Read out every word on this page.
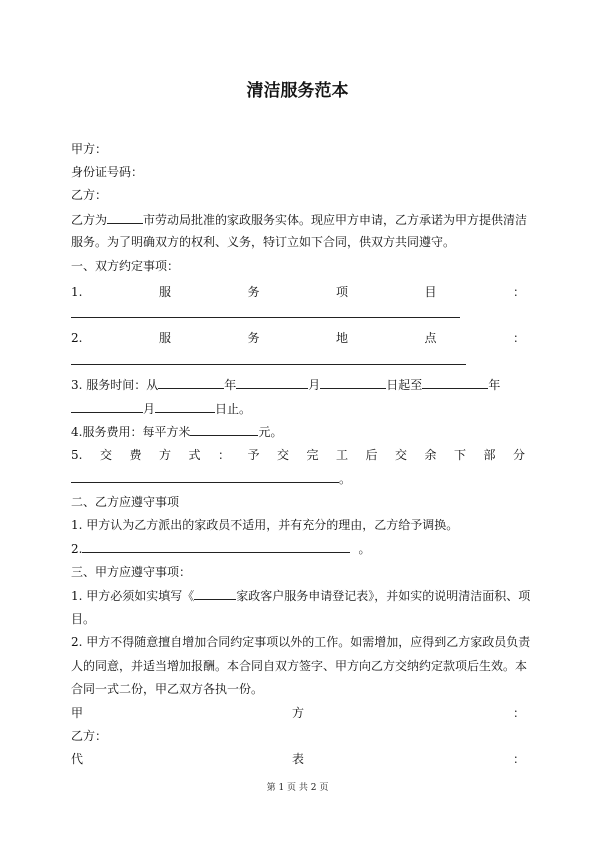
清洁服务范本
甲方：
身份证号码：
乙方：
乙方为	市劳动局批准的家政服务实体。现应甲方申请，乙方承诺为甲方提供清洁
服务。为了明确双方的权利、义务，特订立如下合同，供双方共同遵守。
一、双方约定事项：
1.	服	务	项	目	：
2.	服	务	地	点	：
3. 服务时间：从	年	月	日起至	年
月	日止。
4.服务费用：每平方米	元。
5. 交 费 方 式 ： 予 交 完 工 后 交 余 下 部 分
。
二、乙方应遵守事项
1. 甲方认为乙方派出的家政员不适用，并有充分的理由，乙方给予调换。
2.	。
三、甲方应遵守事项：
1. 甲方必须如实填写《	家政客户服务申请登记表》，并如实的说明清洁面积、项
目。
2. 甲方不得随意擅自增加合同约定事项以外的工作。如需增加，应得到乙方家政员负责
人的同意，并适当增加报酬。本合同自双方签字、甲方向乙方交纳约定款项后生效。本
合同一式二份，甲乙双方各执一份。
甲	方	：
乙方：
代	表	：
第 1 页 共 2 页
